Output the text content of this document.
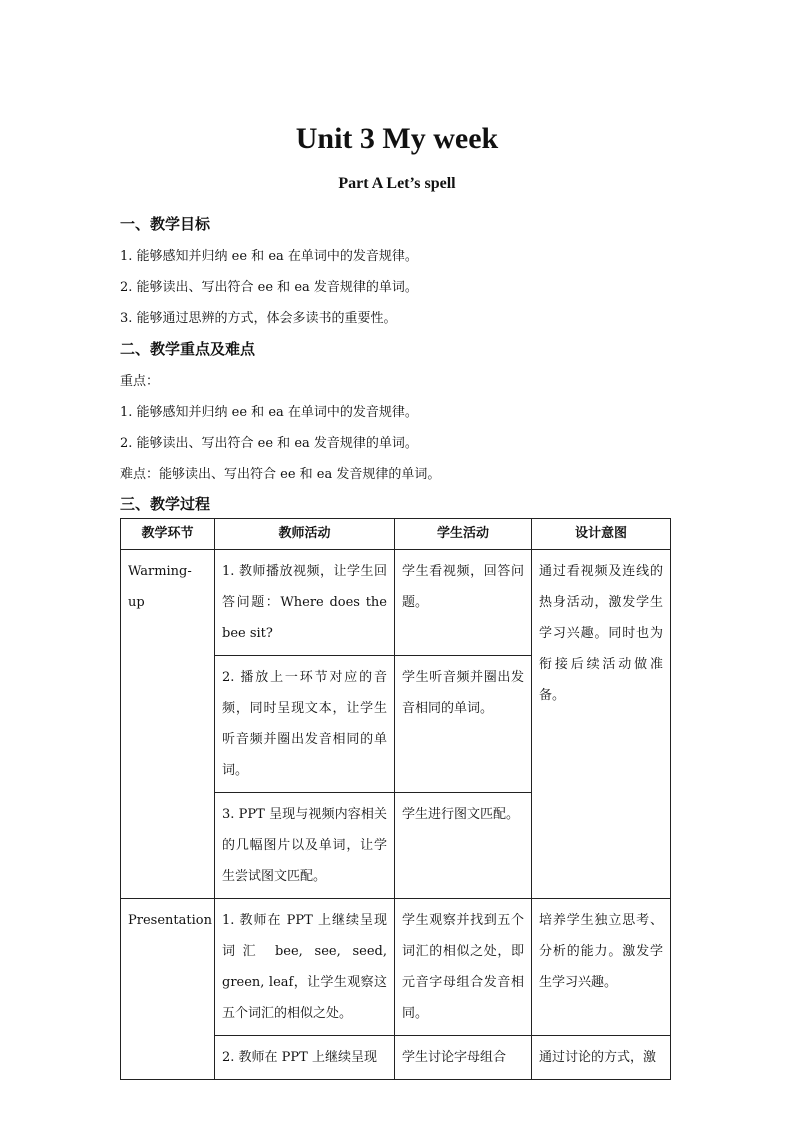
Unit 3 My week
Part A Let’s spell
一、教学目标
1. 能够感知并归纳 ee 和 ea 在单词中的发音规律。
2. 能够读出、写出符合 ee 和 ea 发音规律的单词。
3. 能够通过思辨的方式，体会多读书的重要性。
二、教学重点及难点
重点：
1. 能够感知并归纳 ee 和 ea 在单词中的发音规律。
2. 能够读出、写出符合 ee 和 ea 发音规律的单词。
难点：能够读出、写出符合 ee 和 ea 发音规律的单词。
三、教学过程
教学环节	教师活动	学生活动	设计意图
Warming-up	1. 教师播放视频，让学生回答问题：Where does the bee sit?	学生看视频，回答问题。	通过看视频及连线的热身活动，激发学生学习兴趣。同时也为衔接后续活动做准备。
	2. 播放上一环节对应的音频，同时呈现文本，让学生听音频并圈出发音相同的单词。	学生听音频并圈出发音相同的单词。	
	3. PPT 呈现与视频内容相关的几幅图片以及单词，让学生尝试图文匹配。	学生进行图文匹配。	
Presentation	1. 教师在 PPT 上继续呈现词汇 bee, see, seed, green, leaf，让学生观察这五个词汇的相似之处。	学生观察并找到五个词汇的相似之处，即元音字母组合发音相同。	培养学生独立思考、分析的能力。激发学生学习兴趣。
	2. 教师在 PPT 上继续呈现	学生讨论字母组合	通过讨论的方式，激
